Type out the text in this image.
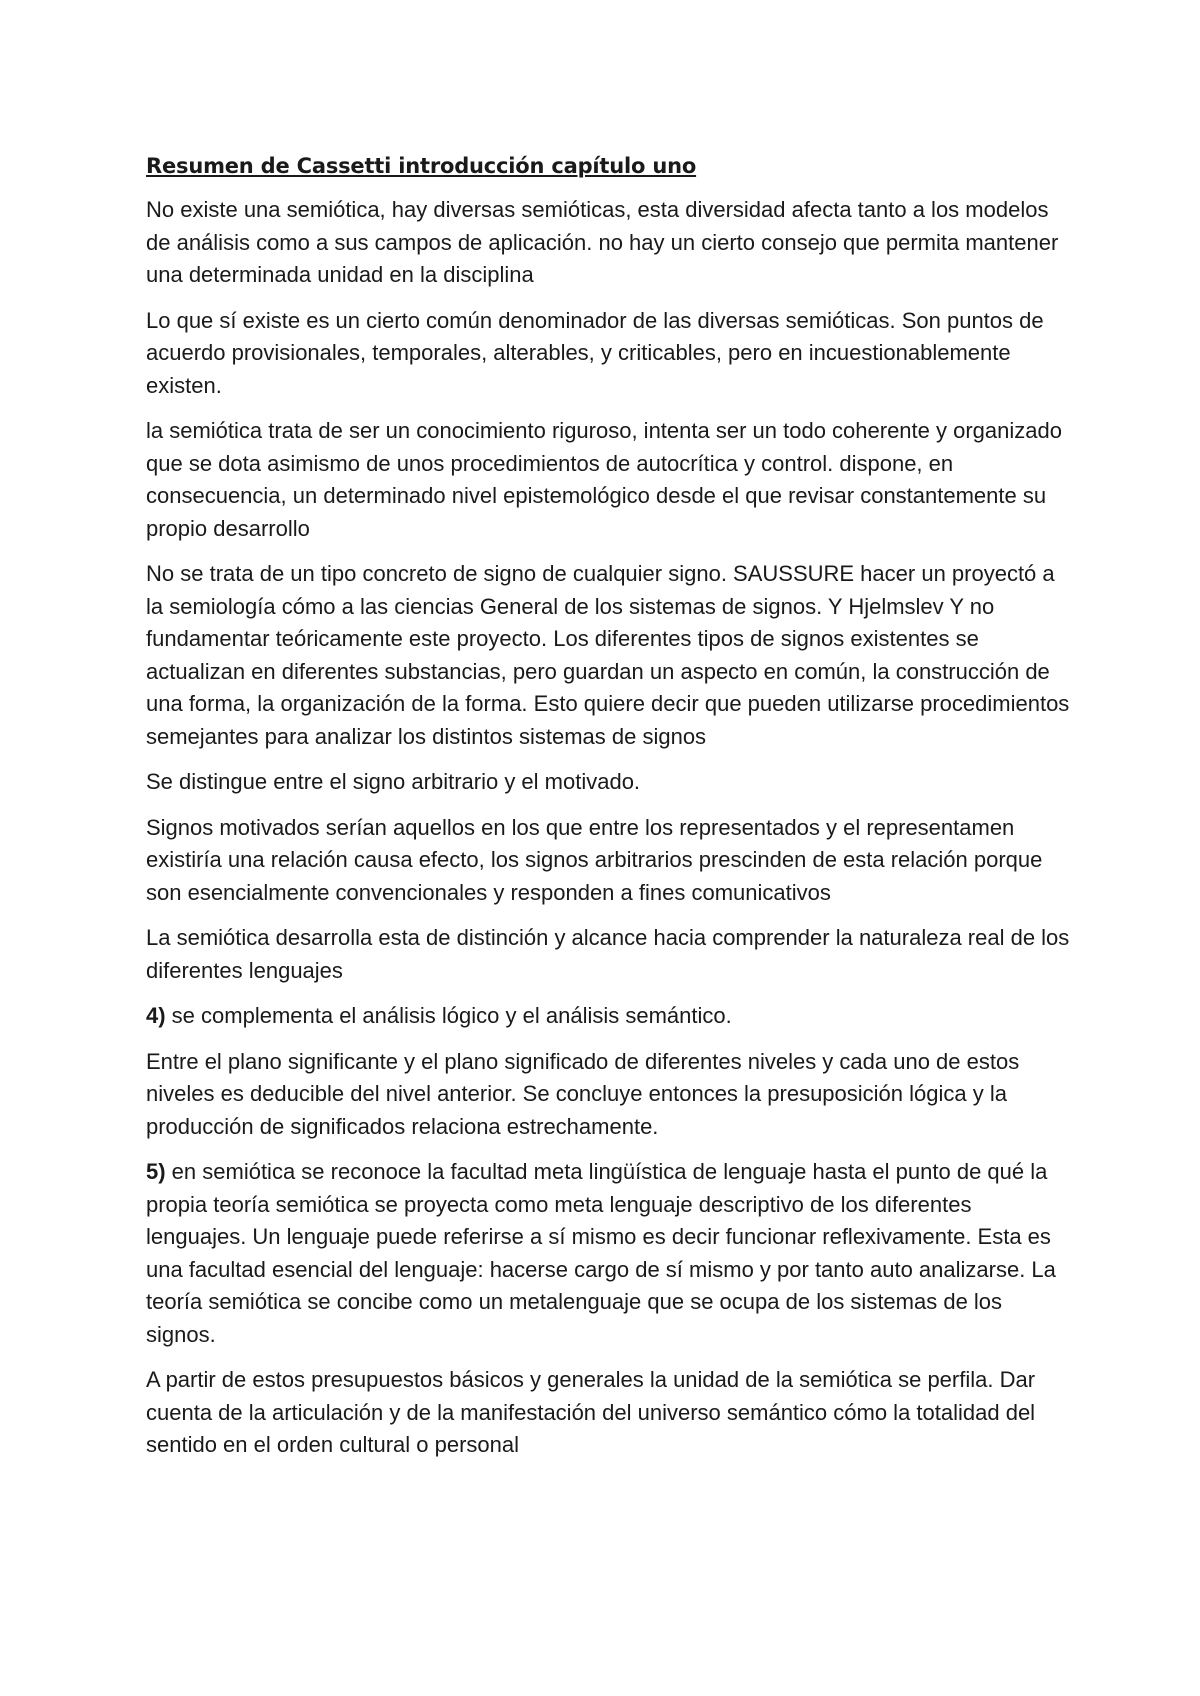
Resumen de Cassetti introducción capítulo uno

No existe una semiótica, hay diversas semióticas, esta diversidad afecta tanto a los modelos de análisis como a sus campos de aplicación. no hay un cierto consejo que permita mantener una determinada unidad en la disciplina

Lo que sí existe es un cierto común denominador de las diversas semióticas. Son puntos de acuerdo provisionales, temporales, alterables, y criticables, pero en incuestionablemente existen.

la semiótica trata de ser un conocimiento riguroso, intenta ser un todo coherente y organizado que se dota asimismo de unos procedimientos de autocrítica y control. dispone, en consecuencia, un determinado nivel epistemológico desde el que revisar constantemente su propio desarrollo

No se trata de un tipo concreto de signo de cualquier signo. SAUSSURE hacer un proyectó a la semiología cómo a las ciencias General de los sistemas de signos. Y Hjelmslev Y no fundamentar teóricamente este proyecto. Los diferentes tipos de signos existentes se actualizan en diferentes substancias, pero guardan un aspecto en común, la construcción de una forma, la organización de la forma. Esto quiere decir que pueden utilizarse procedimientos semejantes para analizar los distintos sistemas de signos

Se distingue entre el signo arbitrario y el motivado.

Signos motivados serían aquellos en los que entre los representados y el representamen existiría una relación causa efecto, los signos arbitrarios prescinden de esta relación porque son esencialmente convencionales y responden a fines comunicativos

La semiótica desarrolla esta de distinción y alcance hacia comprender la naturaleza real de los diferentes lenguajes

4) se complementa el análisis lógico y el análisis semántico.

Entre el plano significante y el plano significado de diferentes niveles y cada uno de estos niveles es deducible del nivel anterior. Se concluye entonces la presuposición lógica y la producción de significados relaciona estrechamente.

5) en semiótica se reconoce la facultad meta lingüística de lenguaje hasta el punto de qué la propia teoría semiótica se proyecta como meta lenguaje descriptivo de los diferentes lenguajes. Un lenguaje puede referirse a sí mismo es decir funcionar reflexivamente. Esta es una facultad esencial del lenguaje: hacerse cargo de sí mismo y por tanto auto analizarse. La teoría semiótica se concibe como un metalenguaje que se ocupa de los sistemas de los signos.

A partir de estos presupuestos básicos y generales la unidad de la semiótica se perfila. Dar cuenta de la articulación y de la manifestación del universo semántico cómo la totalidad del sentido en el orden cultural o personal
